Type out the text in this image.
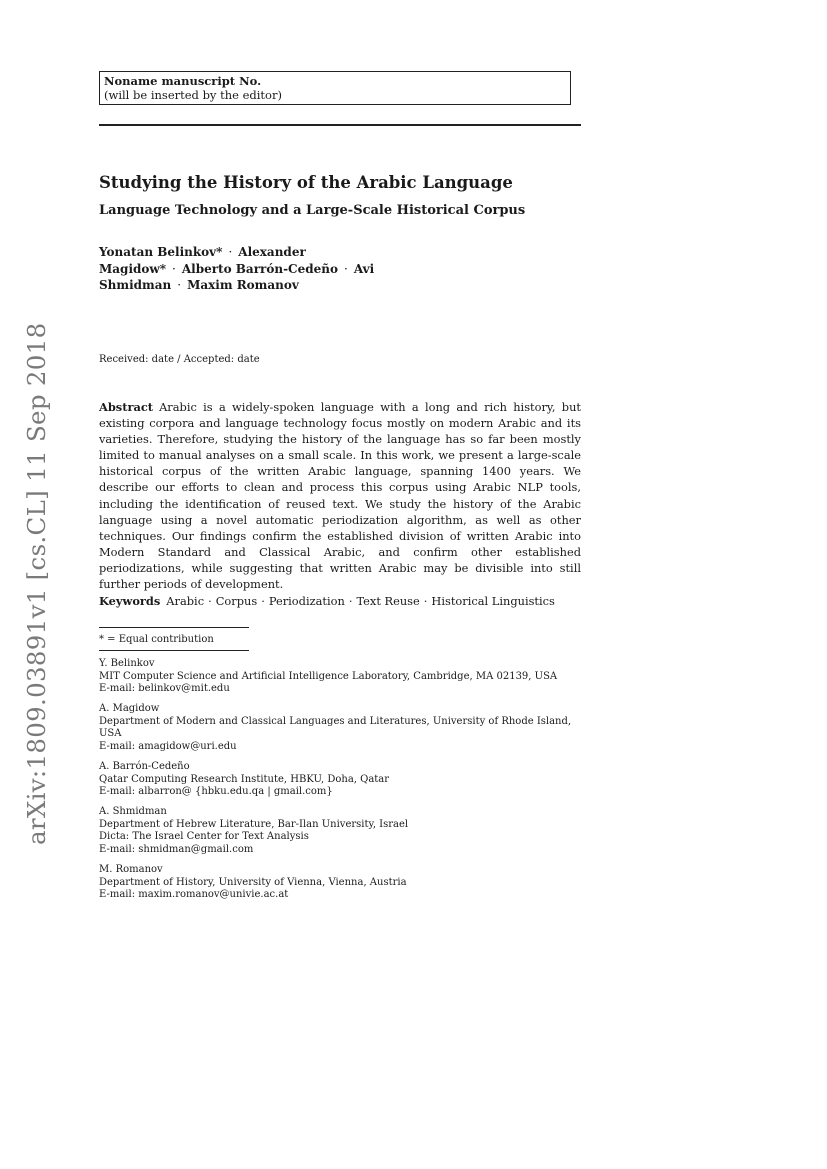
Noname manuscript No.
(will be inserted by the editor)
Studying the History of the Arabic Language
Language Technology and a Large-Scale Historical Corpus
Yonatan Belinkov* · Alexander
Magidow* · Alberto Barrón-Cedeño · Avi
Shmidman · Maxim Romanov
Received: date / Accepted: date
Abstract Arabic is a widely-spoken language with a long and rich history, but existing corpora and language technology focus mostly on modern Arabic and its varieties. Therefore, studying the history of the language has so far been mostly limited to manual analyses on a small scale. In this work, we present a large-scale historical corpus of the written Arabic language, spanning 1400 years. We describe our efforts to clean and process this corpus using Arabic NLP tools, including the identification of reused text. We study the history of the Arabic language using a novel automatic periodization algorithm, as well as other techniques. Our findings confirm the established division of written Arabic into Modern Standard and Classical Arabic, and confirm other established periodizations, while suggesting that written Arabic may be divisible into still further periods of development.
Keywords Arabic · Corpus · Periodization · Text Reuse · Historical Linguistics
* = Equal contribution
Y. Belinkov
MIT Computer Science and Artificial Intelligence Laboratory, Cambridge, MA 02139, USA
E-mail: belinkov@mit.edu
A. Magidow
Department of Modern and Classical Languages and Literatures, University of Rhode Island,
USA
E-mail: amagidow@uri.edu
A. Barrón-Cedeño
Qatar Computing Research Institute, HBKU, Doha, Qatar
E-mail: albarron@ {hbku.edu.qa | gmail.com}
A. Shmidman
Department of Hebrew Literature, Bar-Ilan University, Israel
Dicta: The Israel Center for Text Analysis
E-mail: shmidman@gmail.com
M. Romanov
Department of History, University of Vienna, Vienna, Austria
E-mail: maxim.romanov@univie.ac.at
arXiv:1809.03891v1 [cs.CL] 11 Sep 2018
